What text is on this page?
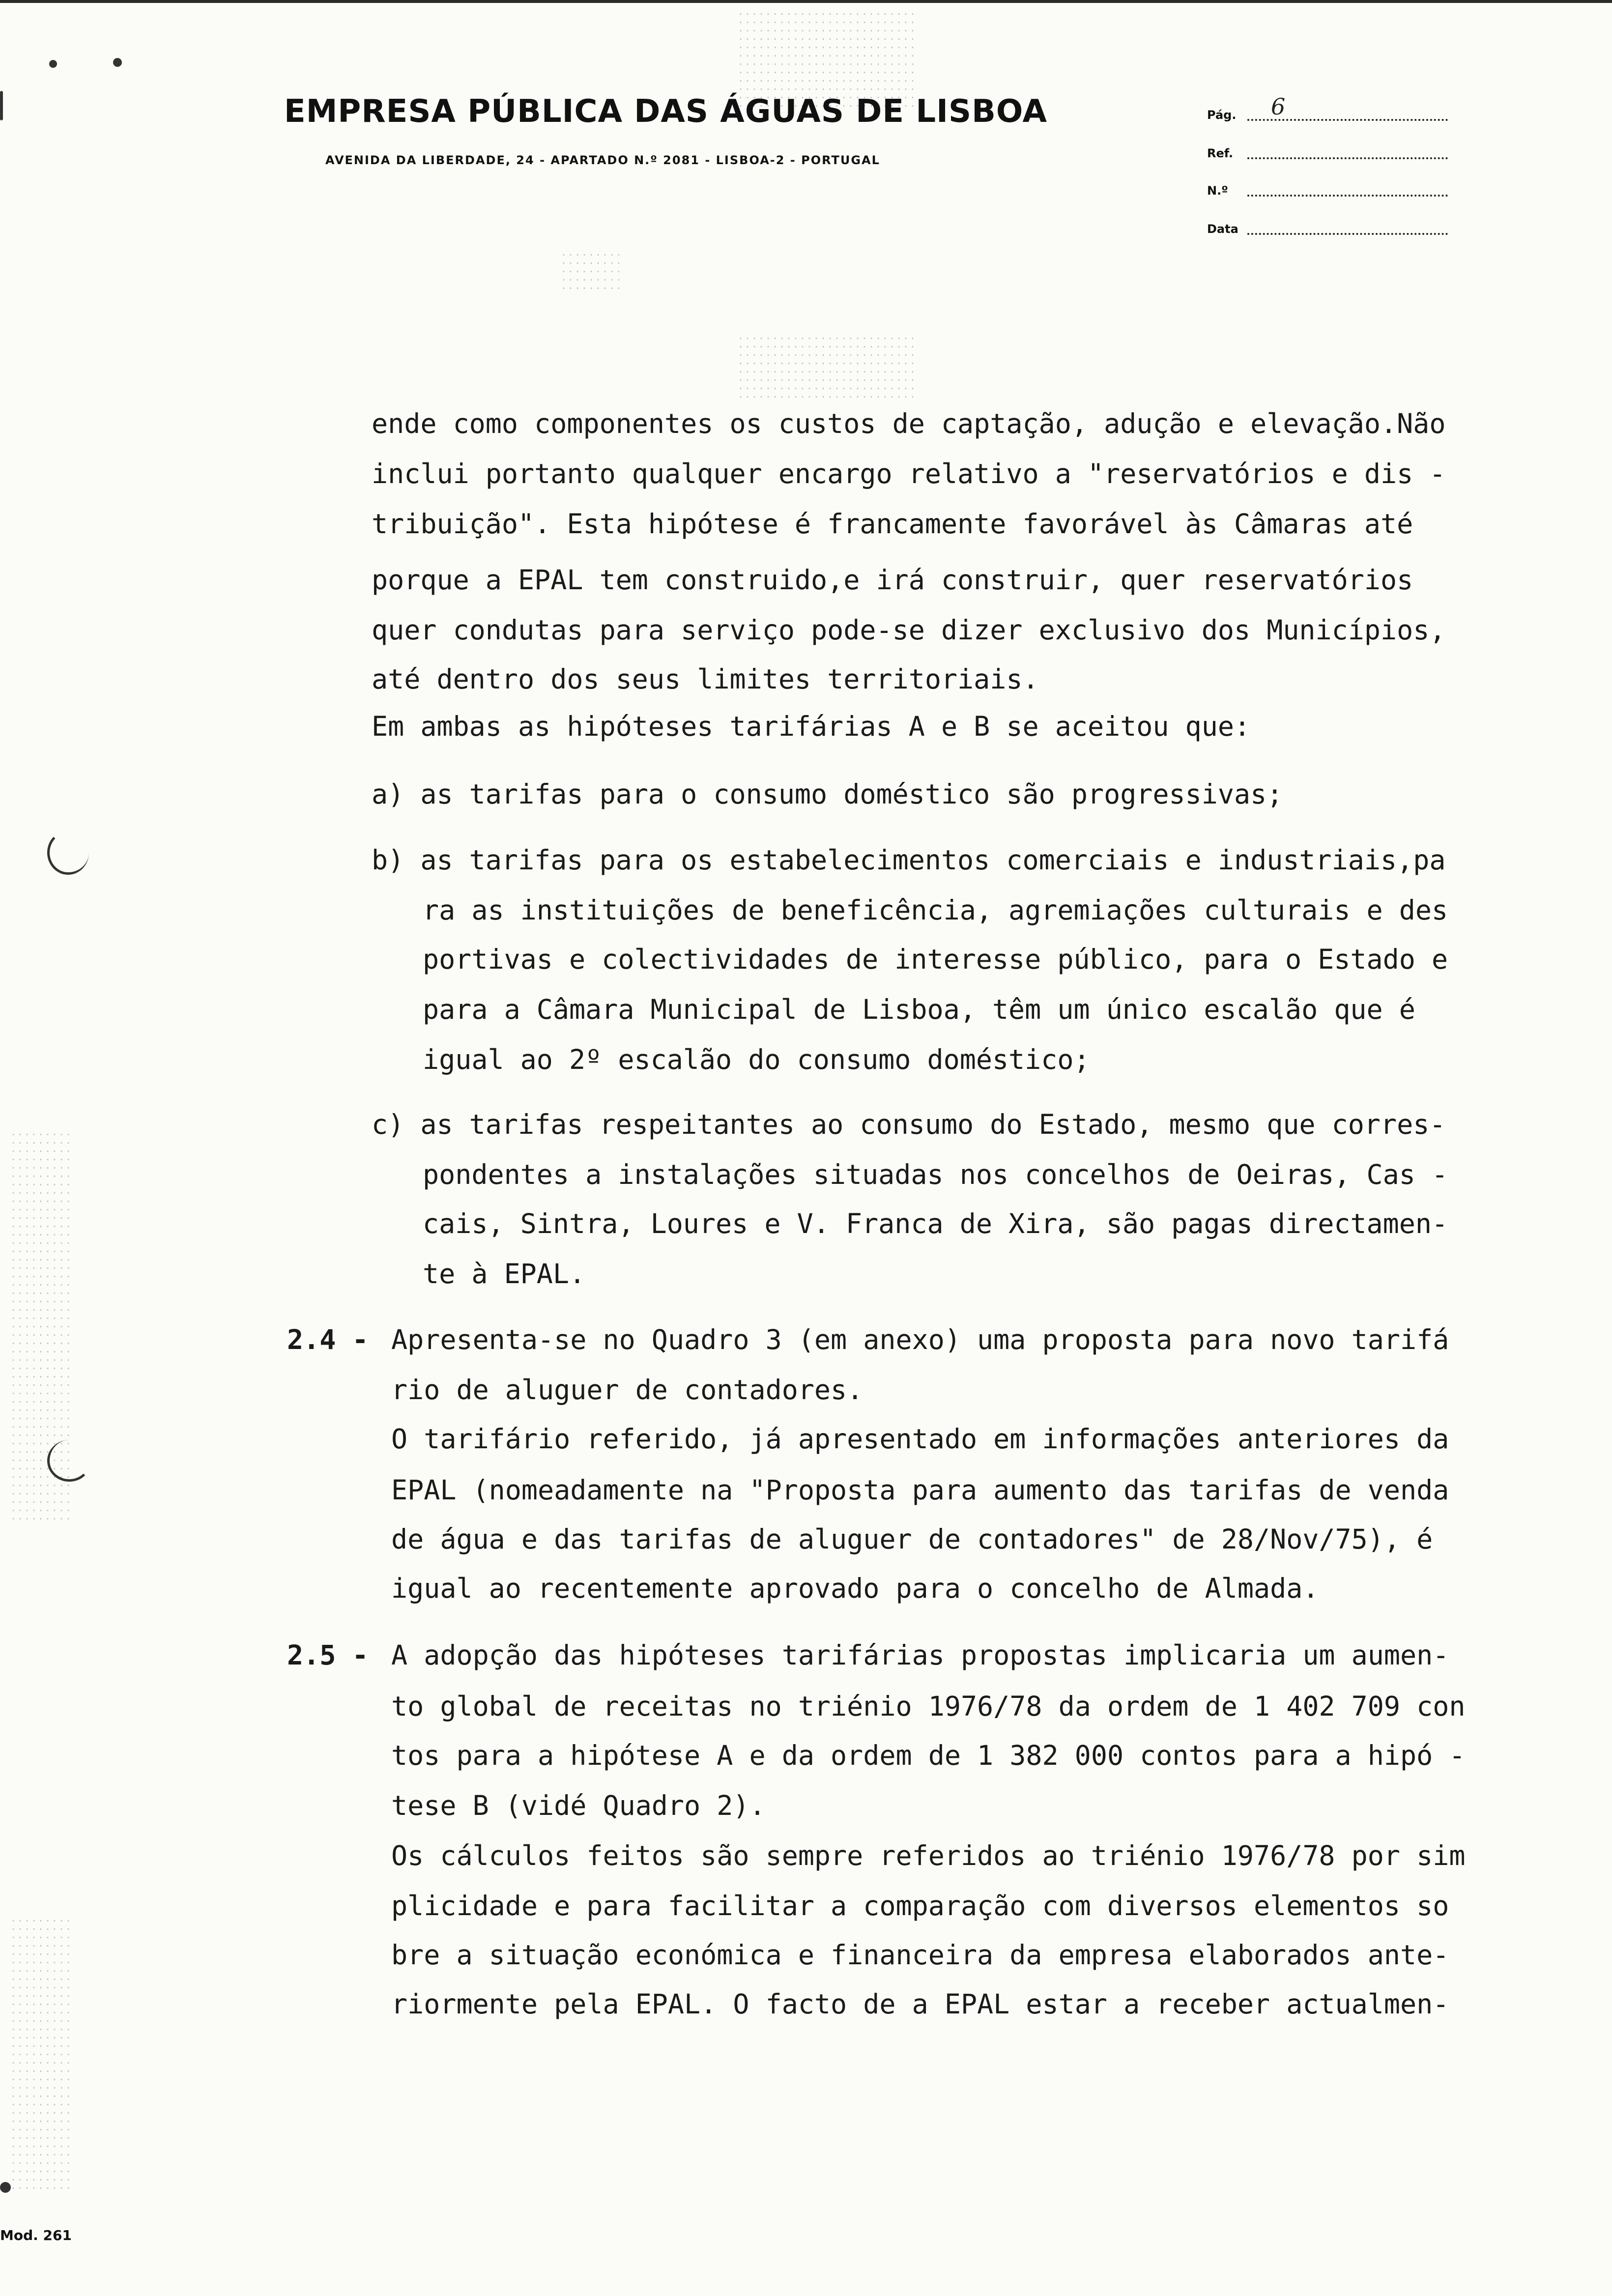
EMPRESA PÚBLICA DAS ÁGUAS DE LISBOA
AVENIDA DA LIBERDADE, 24 - APARTADO N.º 2081 - LISBOA-2 - PORTUGAL
Pág. 6
Ref.
N.º
Data
ende como componentes os custos de captação, adução e elevação.Não
inclui portanto qualquer encargo relativo a "reservatórios e dis -
tribuição". Esta hipótese é francamente favorável às Câmaras até
porque a EPAL tem construido,e irá construir, quer reservatórios
quer condutas para serviço pode-se dizer exclusivo dos Municípios,
até dentro dos seus limites territoriais.
Em ambas as hipóteses tarifárias A e B se aceitou que:
a) as tarifas para o consumo doméstico são progressivas;
b) as tarifas para os estabelecimentos comerciais e industriais,pa
ra as instituições de beneficência, agremiações culturais e des
portivas e colectividades de interesse público, para o Estado e
para a Câmara Municipal de Lisboa, têm um único escalão que é
igual ao 2º escalão do consumo doméstico;
c) as tarifas respeitantes ao consumo do Estado, mesmo que corres-
pondentes a instalações situadas nos concelhos de Oeiras, Cas -
cais, Sintra, Loures e V. Franca de Xira, são pagas directamen-
te à EPAL.
2.4 - Apresenta-se no Quadro 3 (em anexo) uma proposta para novo tarifá
rio de aluguer de contadores.
O tarifário referido, já apresentado em informações anteriores da
EPAL (nomeadamente na "Proposta para aumento das tarifas de venda
de água e das tarifas de aluguer de contadores" de 28/Nov/75), é
igual ao recentemente aprovado para o concelho de Almada.
2.5 - A adopção das hipóteses tarifárias propostas implicaria um aumen-
to global de receitas no triénio 1976/78 da ordem de 1 402 709 con
tos para a hipótese A e da ordem de 1 382 000 contos para a hipó -
tese B (vidé Quadro 2).
Os cálculos feitos são sempre referidos ao triénio 1976/78 por sim
plicidade e para facilitar a comparação com diversos elementos so
bre a situação económica e financeira da empresa elaborados ante-
riormente pela EPAL. O facto de a EPAL estar a receber actualmen-
Mod. 261
